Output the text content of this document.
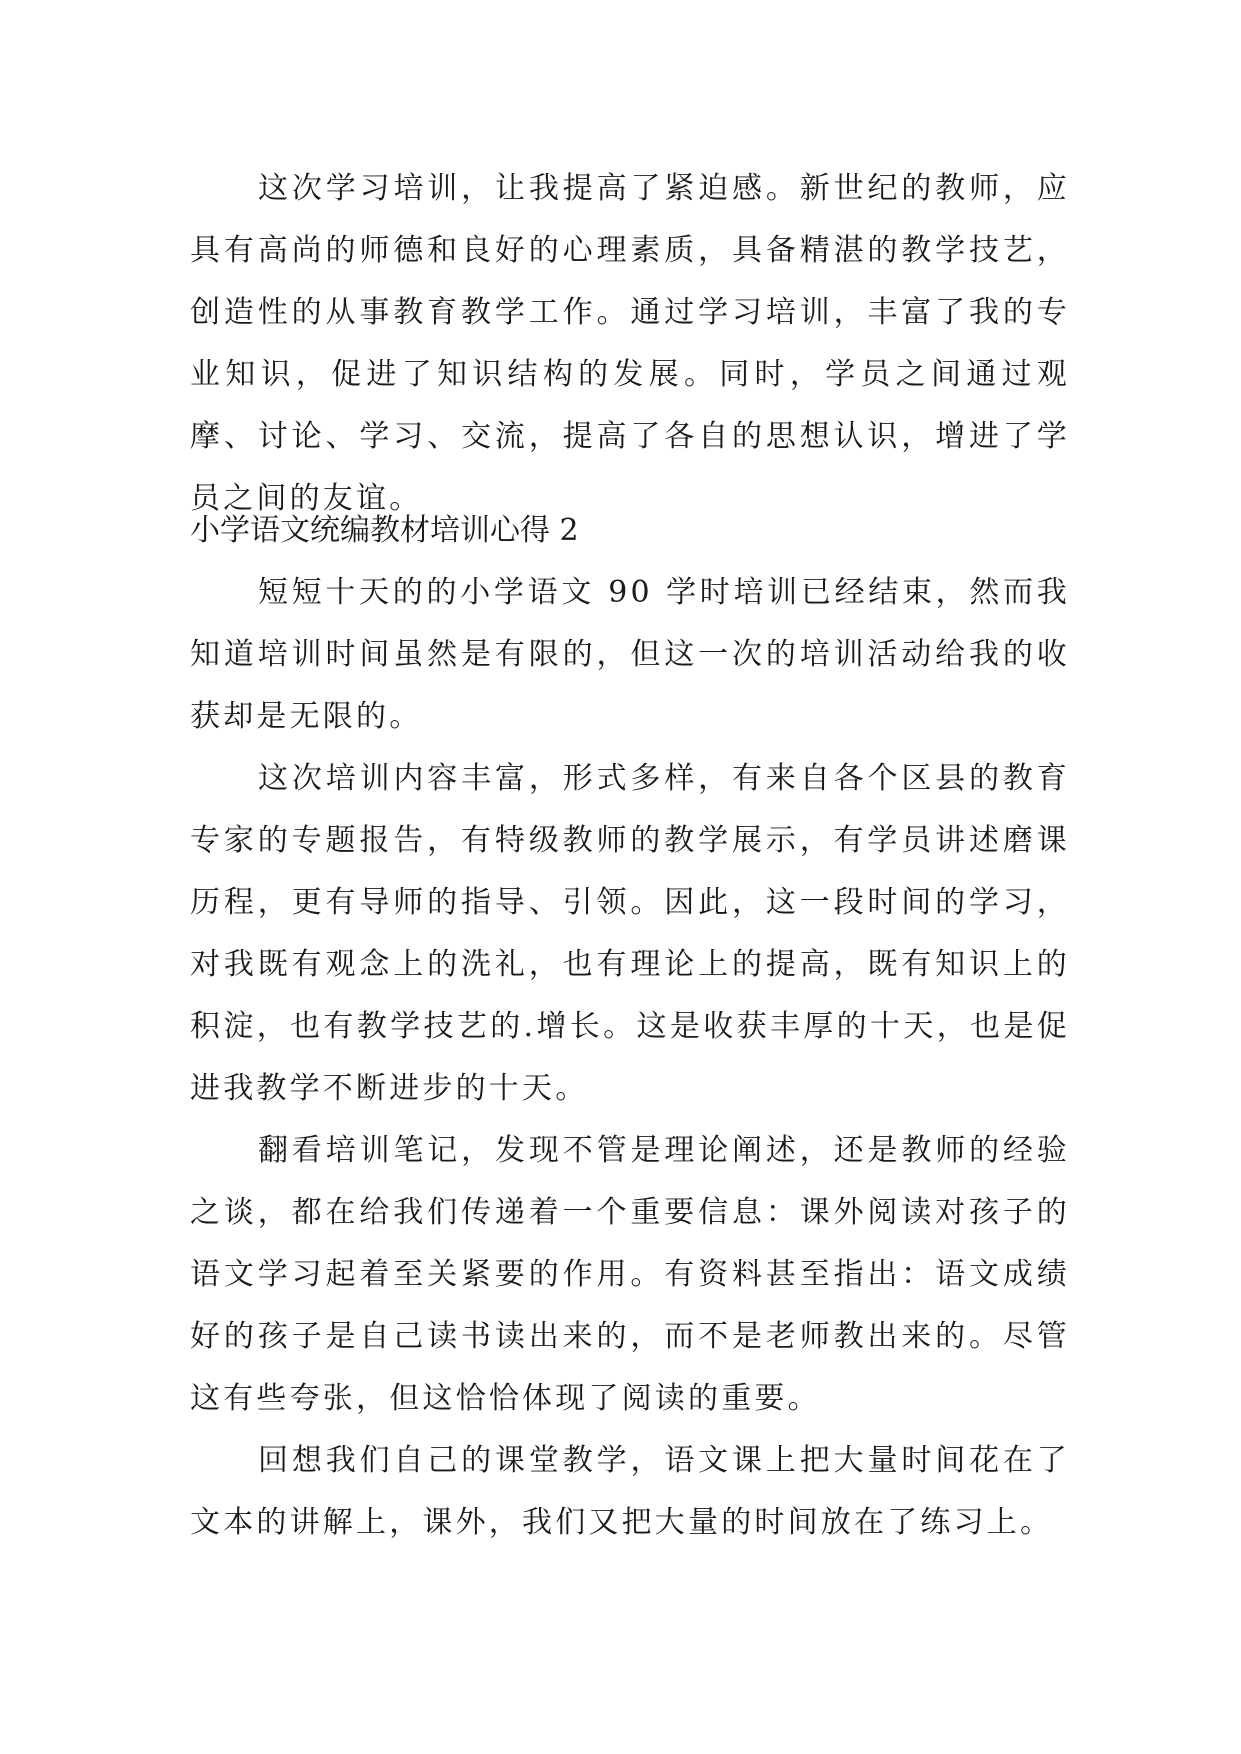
这次学习培训，让我提高了紧迫感。新世纪的教师，应具有高尚的师德和良好的心理素质，具备精湛的教学技艺，创造性的从事教育教学工作。通过学习培训，丰富了我的专业知识，促进了知识结构的发展。同时，学员之间通过观摩、讨论、学习、交流，提高了各自的思想认识，增进了学员之间的友谊。

小学语文统编教材培训心得 2

短短十天的的小学语文 90 学时培训已经结束，然而我知道培训时间虽然是有限的，但这一次的培训活动给我的收获却是无限的。

这次培训内容丰富，形式多样，有来自各个区县的教育专家的专题报告，有特级教师的教学展示，有学员讲述磨课历程，更有导师的指导、引领。因此，这一段时间的学习，对我既有观念上的洗礼，也有理论上的提高，既有知识上的积淀，也有教学技艺的.增长。这是收获丰厚的十天，也是促进我教学不断进步的十天。

翻看培训笔记，发现不管是理论阐述，还是教师的经验之谈，都在给我们传递着一个重要信息：课外阅读对孩子的语文学习起着至关紧要的作用。有资料甚至指出：语文成绩好的孩子是自己读书读出来的，而不是老师教出来的。尽管这有些夸张，但这恰恰体现了阅读的重要。

回想我们自己的课堂教学，语文课上把大量时间花在了文本的讲解上，课外，我们又把大量的时间放在了练习上。
